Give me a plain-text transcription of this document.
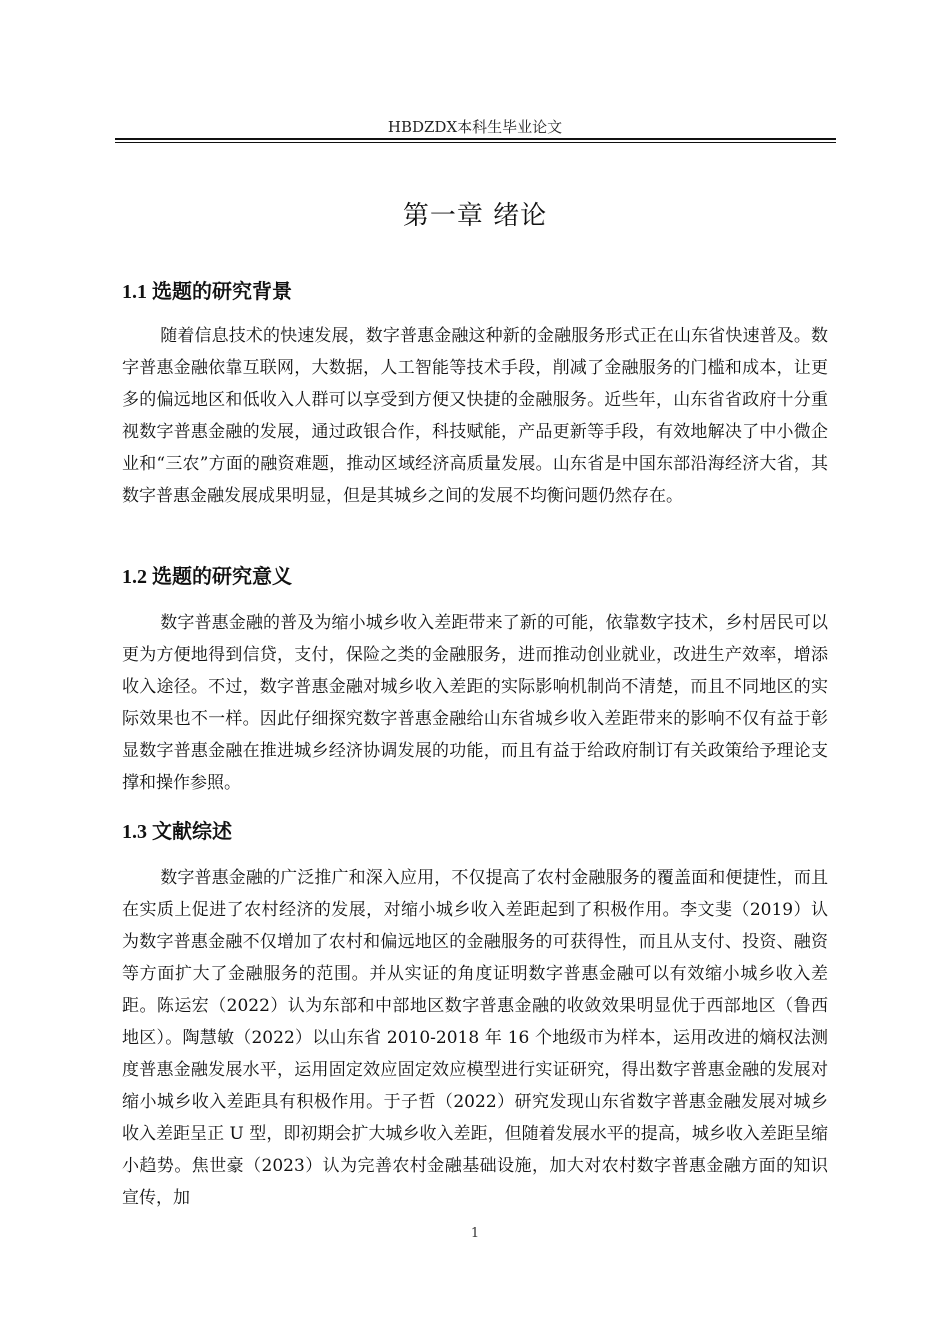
HBDZDX本科生毕业论文
第一章 绪论
1.1 选题的研究背景

随着信息技术的快速发展，数字普惠金融这种新的金融服务形式正在山东省快速普及。数字普惠金融依靠互联网，大数据，人工智能等技术手段，削减了金融服务的门槛和成本，让更多的偏远地区和低收入人群可以享受到方便又快捷的金融服务。近些年，山东省省政府十分重视数字普惠金融的发展，通过政银合作，科技赋能，产品更新等手段，有效地解决了中小微企业和“三农”方面的融资难题，推动区域经济高质量发展。山东省是中国东部沿海经济大省，其数字普惠金融发展成果明显，但是其城乡之间的发展不均衡问题仍然存在。

1.2 选题的研究意义

数字普惠金融的普及为缩小城乡收入差距带来了新的可能，依靠数字技术，乡村居民可以更为方便地得到信贷，支付，保险之类的金融服务，进而推动创业就业，改进生产效率，增添收入途径。不过，数字普惠金融对城乡收入差距的实际影响机制尚不清楚，而且不同地区的实际效果也不一样。因此仔细探究数字普惠金融给山东省城乡收入差距带来的影响不仅有益于彰显数字普惠金融在推进城乡经济协调发展的功能，而且有益于给政府制订有关政策给予理论支撑和操作参照。

1.3 文献综述

数字普惠金融的广泛推广和深入应用，不仅提高了农村金融服务的覆盖面和便捷性，而且在实质上促进了农村经济的发展，对缩小城乡收入差距起到了积极作用。李文斐（2019）认为数字普惠金融不仅增加了农村和偏远地区的金融服务的可获得性，而且从支付、投资、融资等方面扩大了金融服务的范围。并从实证的角度证明数字普惠金融可以有效缩小城乡收入差距。陈运宏（2022）认为东部和中部地区数字普惠金融的收敛效果明显优于西部地区（鲁西地区）。陶慧敏（2022）以山东省 2010-2018 年 16 个地级市为样本，运用改进的熵权法测度普惠金融发展水平，运用固定效应固定效应模型进行实证研究，得出数字普惠金融的发展对缩小城乡收入差距具有积极作用。于子哲（2022）研究发现山东省数字普惠金融发展对城乡收入差距呈正 U 型，即初期会扩大城乡收入差距，但随着发展水平的提高，城乡收入差距呈缩小趋势。焦世豪（2023）认为完善农村金融基础设施，加大对农村数字普惠金融方面的知识宣传，加

1
